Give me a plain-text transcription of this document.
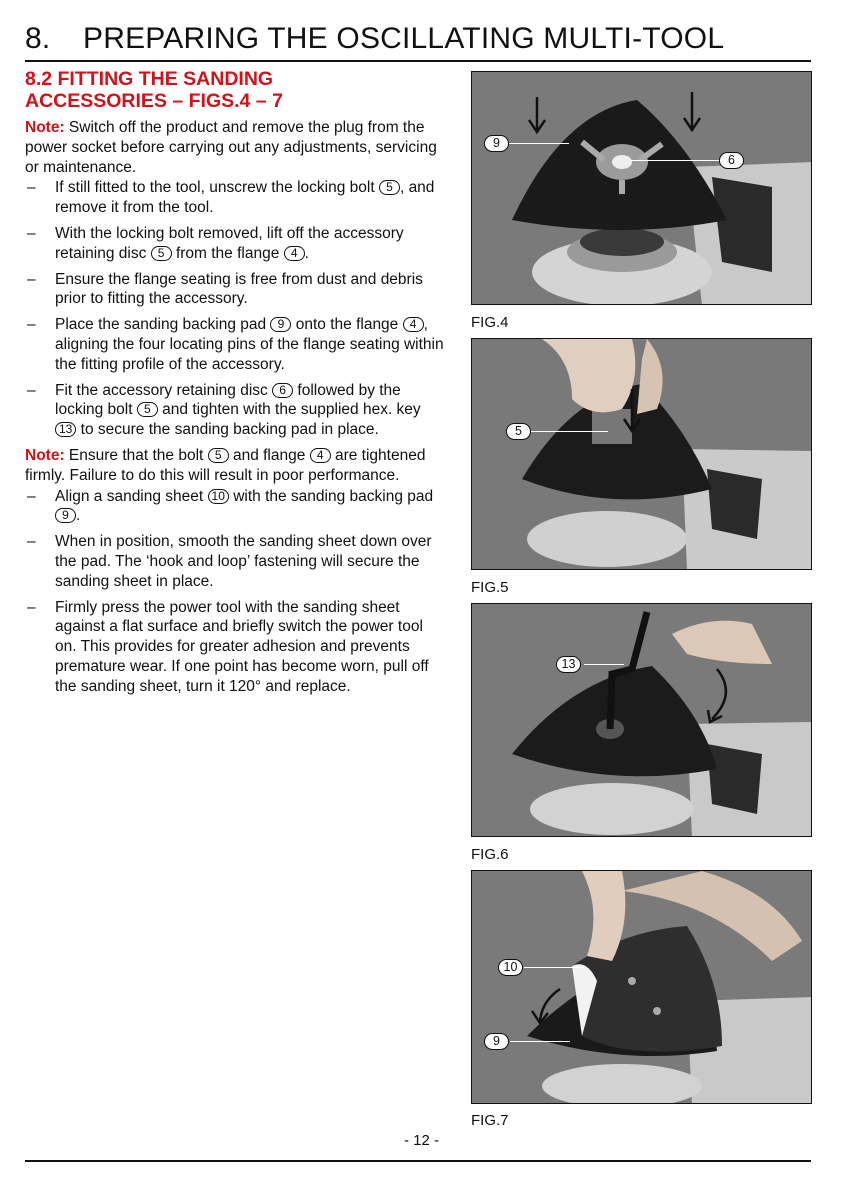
8. PREPARING THE OSCILLATING MULTI-TOOL
8.2 FITTING THE SANDING
ACCESSORIES – FIGS.4 – 7

Note: Switch off the product and remove the plug from the power socket before carrying out any adjustments, servicing or maintenance.

– If still fitted to the tool, unscrew the locking bolt 5 , and remove it from the tool.
– With the locking bolt removed, lift off the accessory retaining disc 5 from the flange 4 .
– Ensure the flange seating is free from dust and debris prior to fitting the accessory.
– Place the sanding backing pad 9 onto the flange 4 , aligning the four locating pins of the flange seating within the fitting profile of the accessory.
– Fit the accessory retaining disc 6 followed by the locking bolt 5 and tighten with the supplied hex. key 13 to secure the sanding backing pad in place.

Note: Ensure that the bolt 5 and flange 4 are tightened firmly. Failure to do this will result in poor performance.

– Align a sanding sheet 10 with the sanding backing pad 9 .
– When in position, smooth the sanding sheet down over the pad. The ‘hook and loop’ fastening will secure the sanding sheet in place.
– Firmly press the power tool with the sanding sheet against a flat surface and briefly switch the power tool on. This provides for greater adhesion and prevents premature wear. If one point has become worn, pull off the sanding sheet, turn it 120° and replace.
9
6
FIG.4
5
FIG.5
13
FIG.6
10
9
FIG.7
- 12 -
